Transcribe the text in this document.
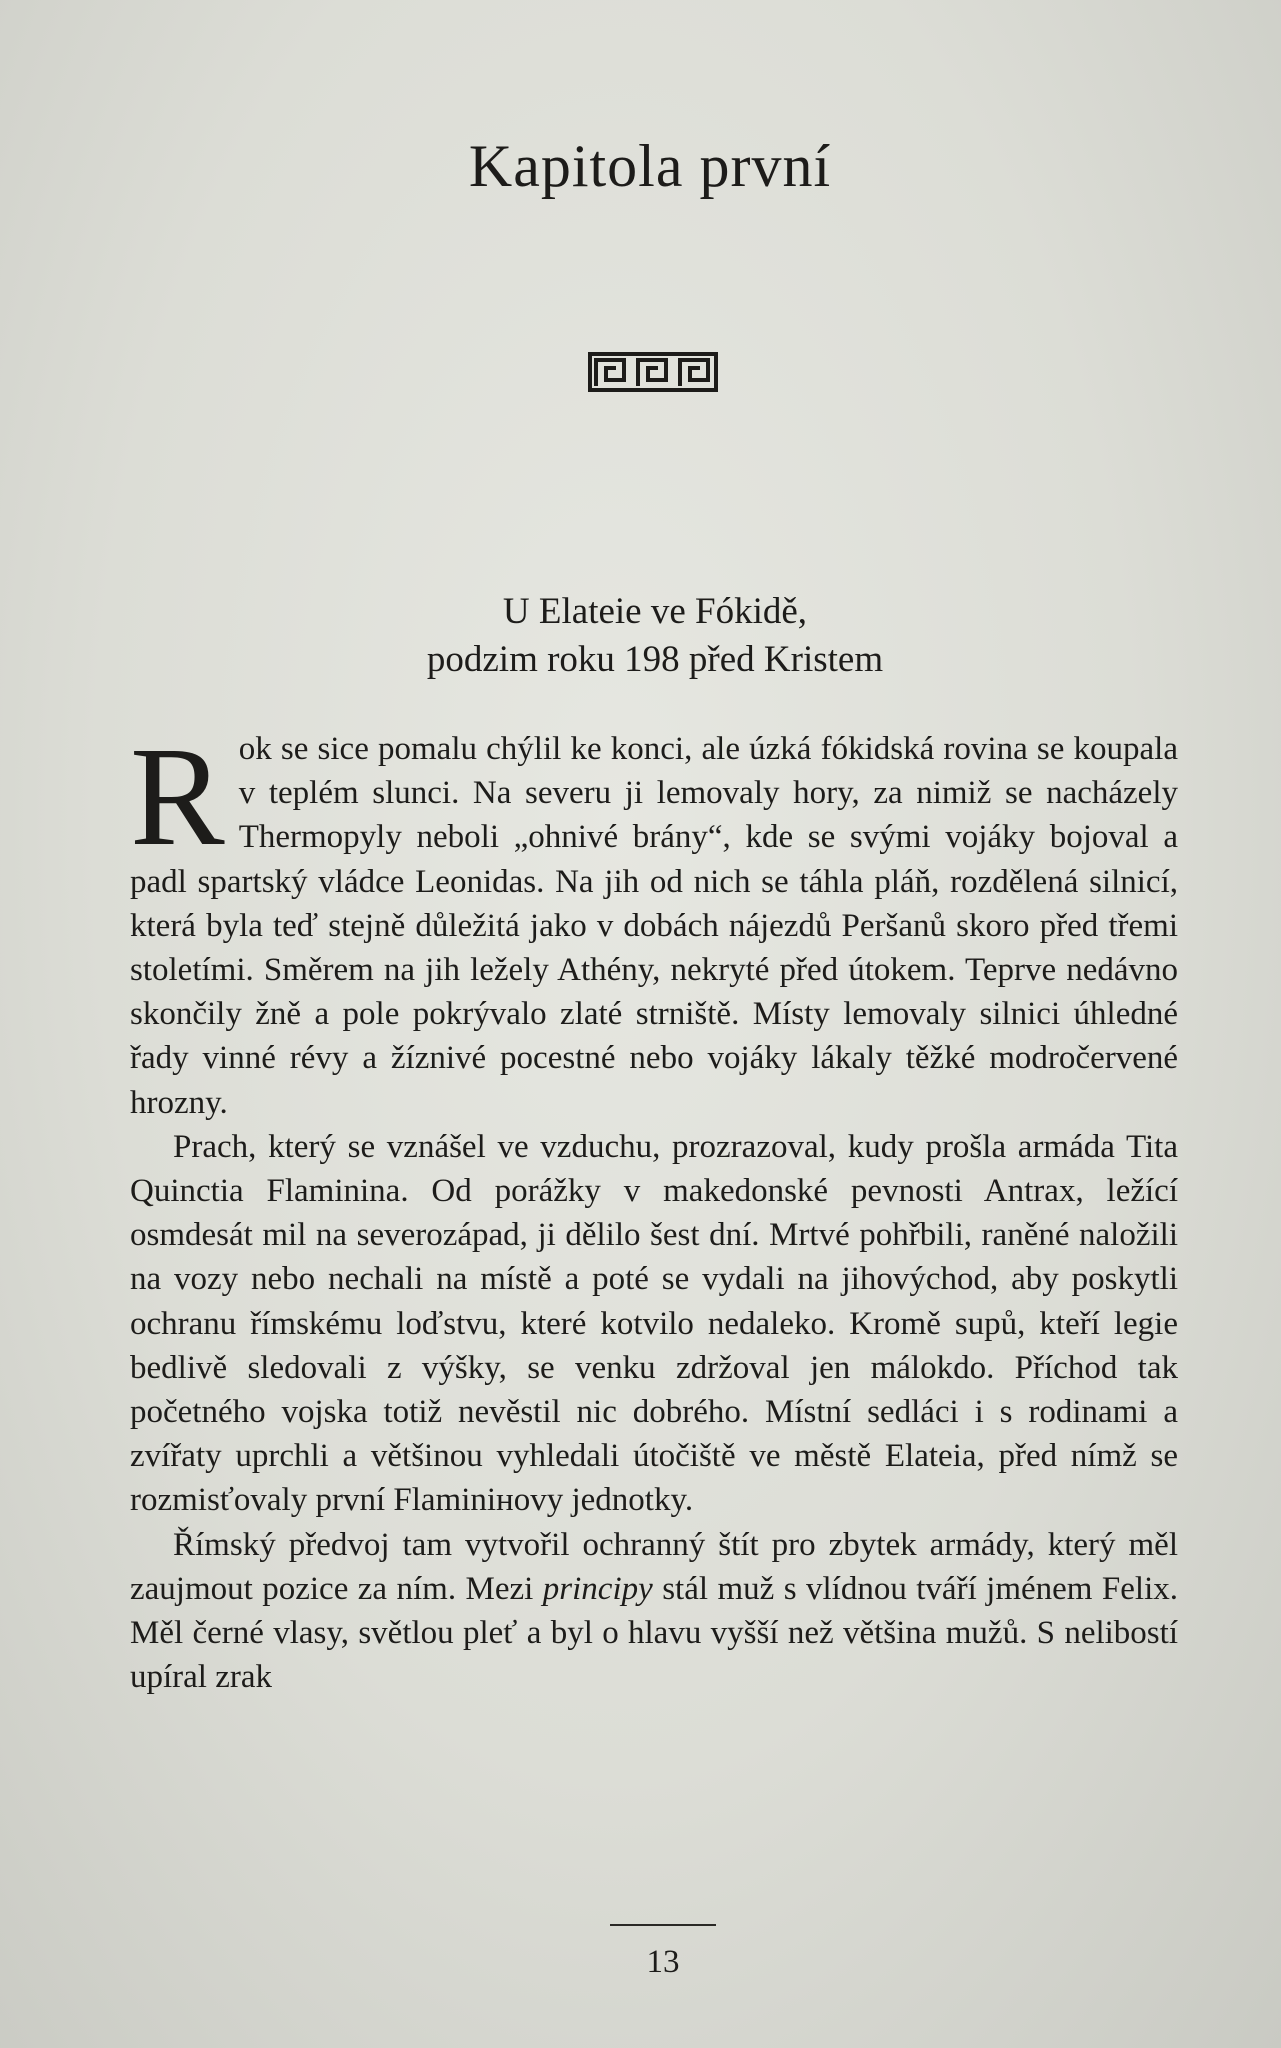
Kapitola první
U Elateie ve Fókidě,
podzim roku 198 před Kristem

Rok se sice pomalu chýlil ke konci, ale úzká fókidská rovina se koupala v teplém slunci. Na severu ji lemovaly hory, za nimiž se nacházely Thermopyly neboli „ohnivé brány“, kde se svými vojáky bojoval a padl spartský vládce Leonidas. Na jih od nich se táhla pláň, rozdělená silnicí, která byla teď stejně důležitá jako v dobách nájezdů Peršanů skoro před třemi stoletími. Směrem na jih ležely Athény, nekryté před útokem. Teprve nedávno skončily žně a pole pokrývalo zlaté strniště. Místy lemovaly silnici úhledné řady vinné révy a žíznivé pocestné nebo vojáky lákaly těžké modročervené hrozny.

Prach, který se vznášel ve vzduchu, prozrazoval, kudy prošla armáda Tita Quinctia Flaminina. Od porážky v makedonské pevnosti Antrax, ležící osmdesát mil na severozápad, ji dělilo šest dní. Mrtvé pohřbili, raněné naložili na vozy nebo nechali na místě a poté se vydali na jihovýchod, aby poskytli ochranu římskému loďstvu, které kotvilo nedaleko. Kromě supů, kteří legie bedlivě sledovali z výšky, se venku zdržoval jen málokdo. Příchod tak početného vojska totiž nevěstil nic dobrého. Místní sedláci i s rodinami a zvířaty uprchli a většinou vyhledali útočiště ve městě Elateia, před nímž se rozmisťovaly první Flaminінovy jednotky.

Římský předvoj tam vytvořil ochranný štít pro zbytek armády, který měl zaujmout pozice za ním. Mezi principy stál muž s vlídnou tváří jménem Felix. Měl černé vlasy, světlou pleť a byl o hlavu vyšší než většina mužů. S nelibostí upíral zrak

13
